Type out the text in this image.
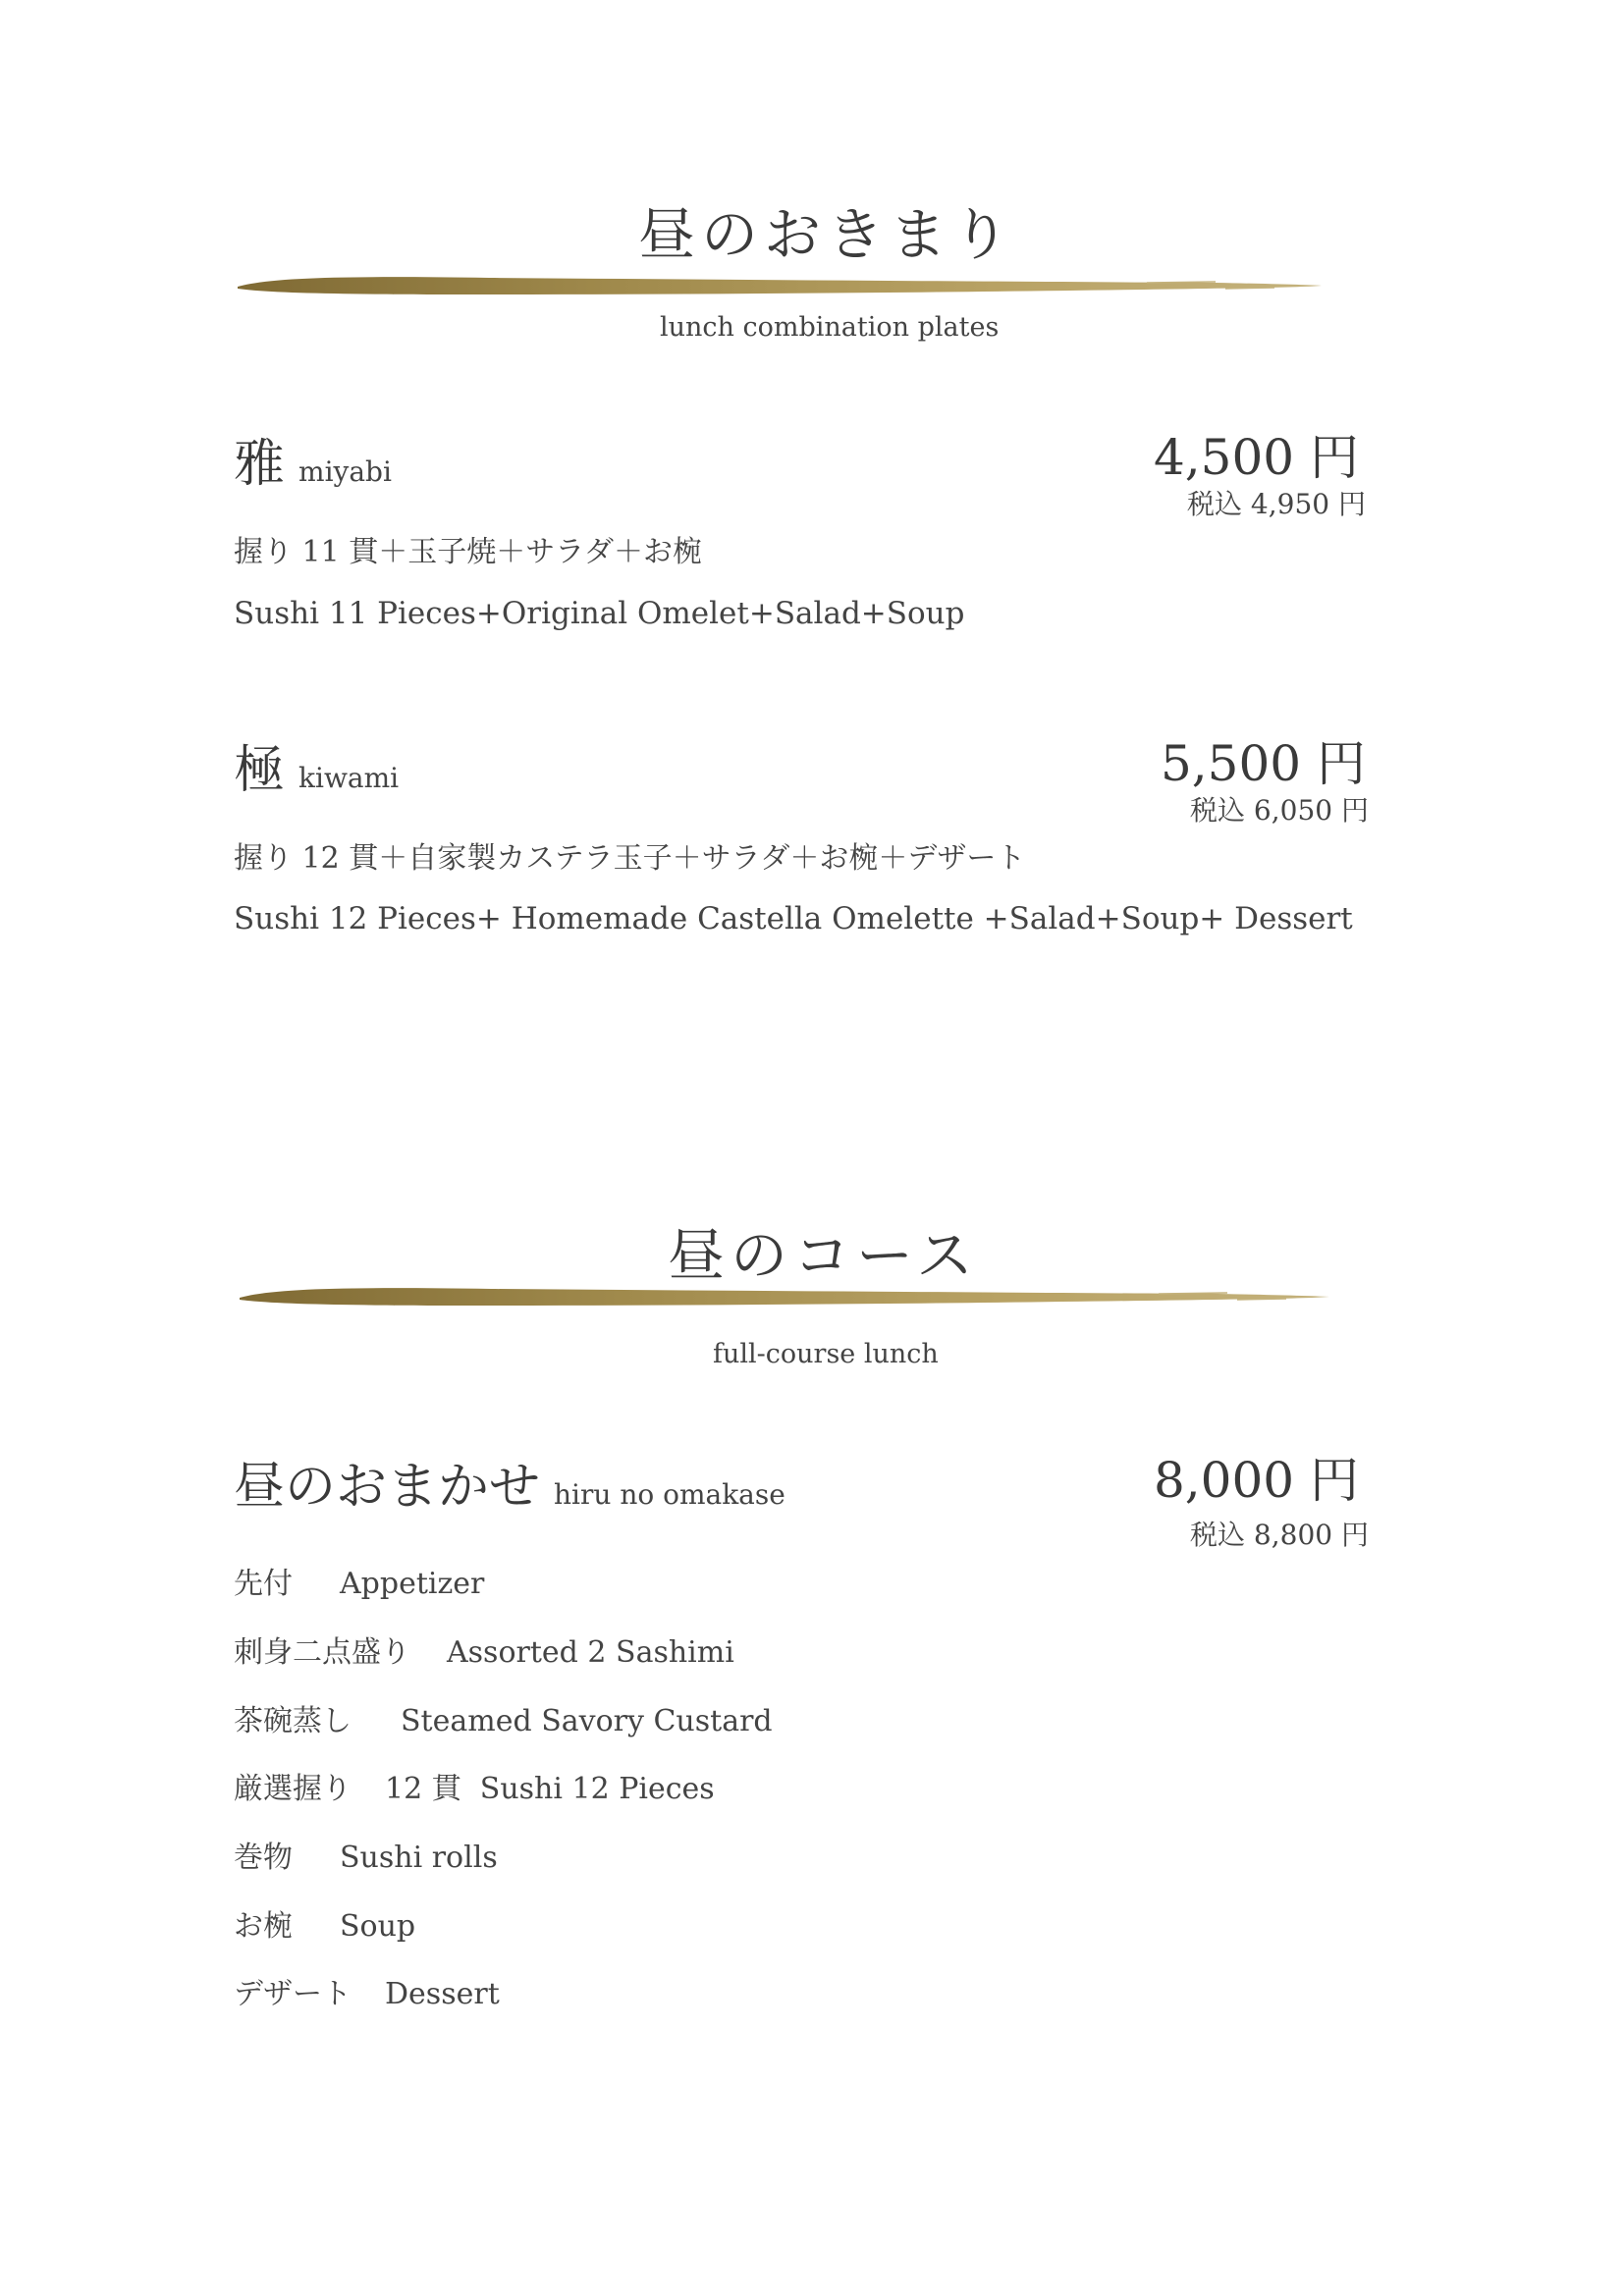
昼のおきまり
lunch combination plates
雅miyabi	4,500 円
税込 4,950 円
握り 11 貫＋玉子焼＋サラダ＋お椀
Sushi 11 Pieces+Original Omelet+Salad+Soup
極kiwami	5,500 円
税込 6,050 円
握り 12 貫＋自家製カステラ玉子＋サラダ＋お椀＋デザート
Sushi 12 Pieces+ Homemade Castella Omelette +Salad+Soup+ Dessert
昼のコース
full-course lunch
昼のおまかせ hiru no omakase	8,000 円
税込 8,800 円
先付 Appetizer
刺身二点盛り Assorted 2 Sashimi
茶碗蒸し Steamed Savory Custard
厳選握り 12 貫  Sushi 12 Pieces
巻物 Sushi rolls
お椀 Soup
デザート Dessert
